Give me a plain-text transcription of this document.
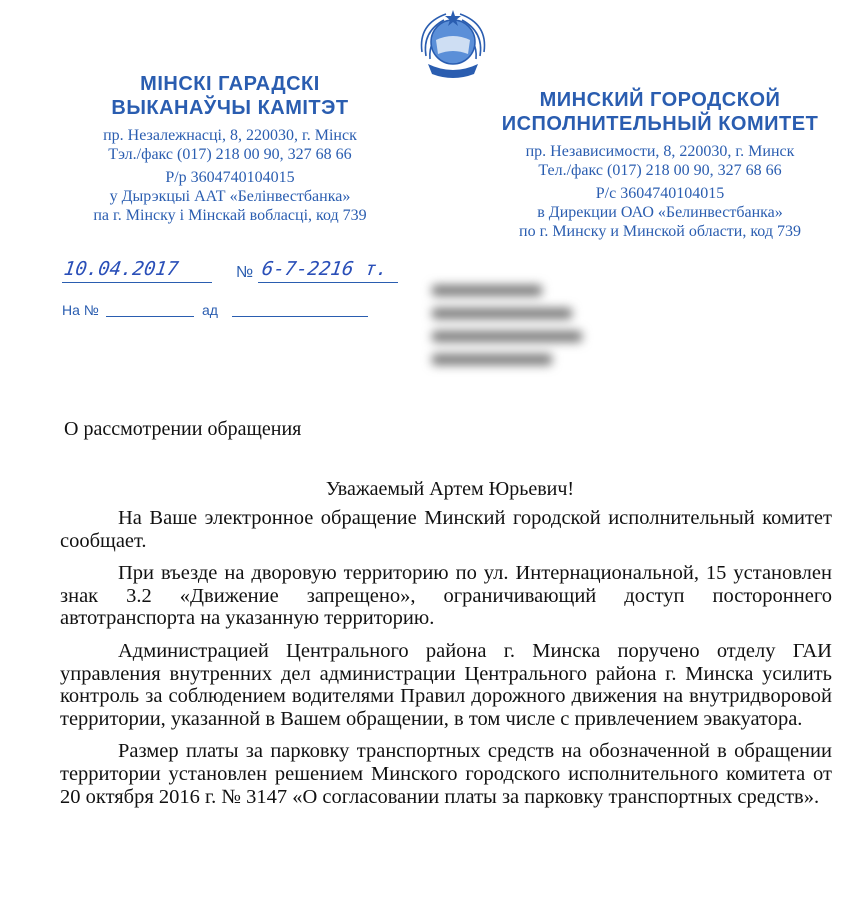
МІНСКІ ГАРАДСКІ
ВЫКАНАЎЧЫ КАМІТЭТ
пр. Незалежнасці, 8, 220030, г. Мінск
Тэл./факс (017) 218 00 90, 327 68 66
Р/р 3604740104015
у Дырэкцыі ААТ «Белінвестбанка»
па г. Мінску і Мінскай вобласці, код 739
МИНСКИЙ ГОРОДСКОЙ
ИСПОЛНИТЕЛЬНЫЙ КОМИТЕТ
пр. Независимости, 8, 220030, г. Минск
Тел./факс (017) 218 00 90, 327 68 66
Р/с 3604740104015
в Дирекции ОАО «Белинвестбанка»
по г. Минску и Минской области, код 739
10.04.2017	№ 6-7-2216 т.
На №	ад
О рассмотрении обращения
Уважаемый Артем Юрьевич!

На Ваше электронное обращение Минский городской исполнительный комитет сообщает.

При въезде на дворовую территорию по ул. Интернациональной, 15 установлен знак 3.2 «Движение запрещено», ограничивающий доступ постороннего автотранспорта на указанную территорию.

Администрацией Центрального района г. Минска поручено отделу ГАИ управления внутренних дел администрации Центрального района г. Минска усилить контроль за соблюдением водителями Правил дорожного движения на внутридворовой территории, указанной в Вашем обращении, в том числе с привлечением эвакуатора.

Размер платы за парковку транспортных средств на обозначенной в обращении территории установлен решением Минского городского исполнительного комитета от 20 октября 2016 г. № 3147 «О согласовании платы за парковку транспортных средств».
